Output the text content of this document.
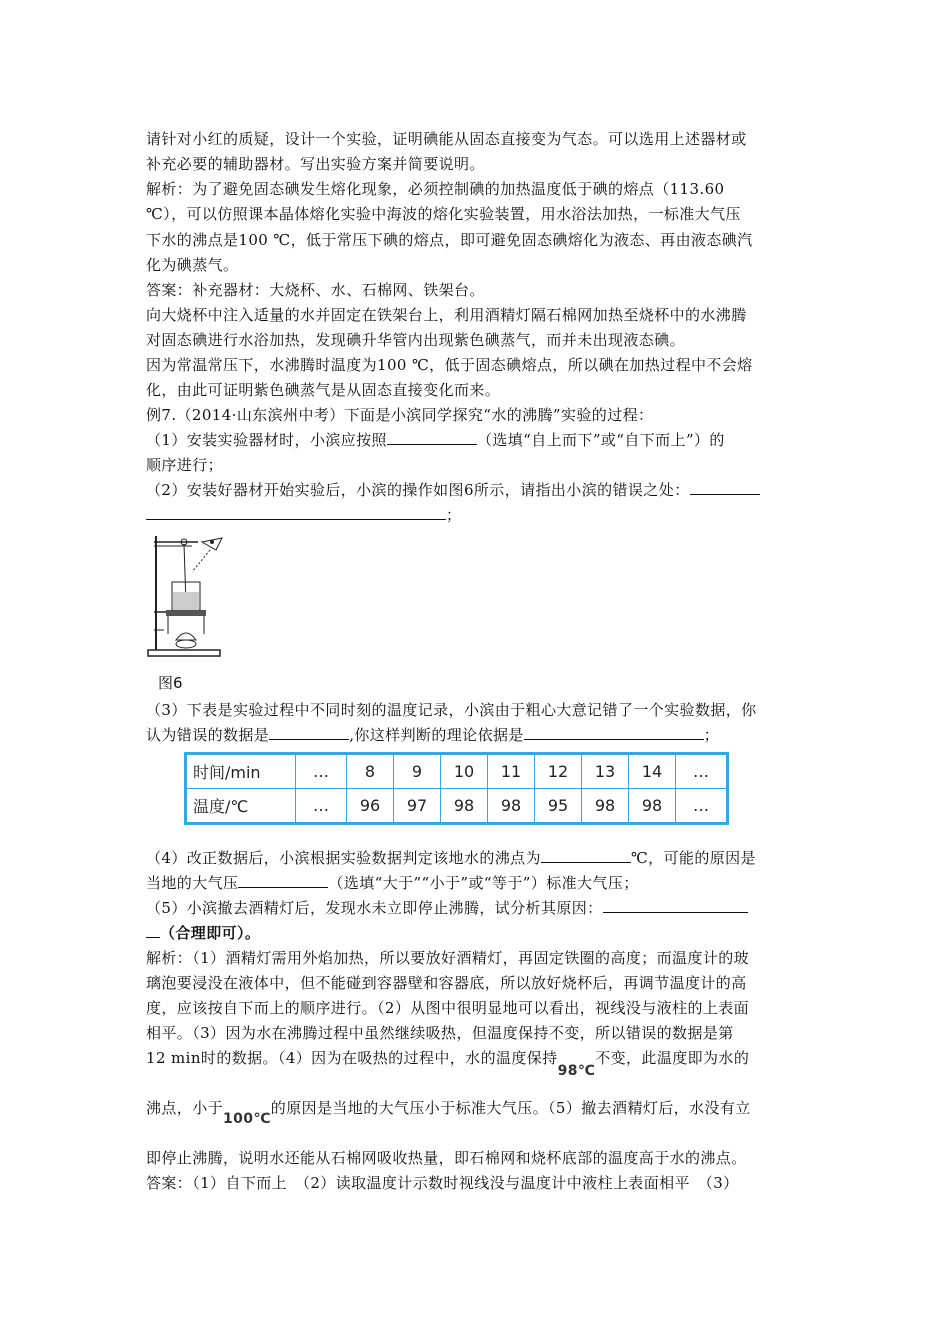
请针对小红的质疑，设计一个实验，证明碘能从固态直接变为气态。可以选用上述器材或
补充必要的辅助器材。写出实验方案并简要说明。
解析：为了避免固态碘发生熔化现象，必须控制碘的加热温度低于碘的熔点（113.60
℃），可以仿照课本晶体熔化实验中海波的熔化实验装置，用水浴法加热，一标准大气压
下水的沸点是100 ℃，低于常压下碘的熔点，即可避免固态碘熔化为液态、再由液态碘汽
化为碘蒸气。
答案：补充器材：大烧杯、水、石棉网、铁架台。
向大烧杯中注入适量的水并固定在铁架台上，利用酒精灯隔石棉网加热至烧杯中的水沸腾
对固态碘进行水浴加热，发现碘升华管内出现紫色碘蒸气，而并未出现液态碘。
因为常温常压下，水沸腾时温度为100 ℃，低于固态碘熔点，所以碘在加热过程中不会熔
化，由此可证明紫色碘蒸气是从固态直接变化而来。
例7.（2014·山东滨州中考）下面是小滨同学探究“水的沸腾”实验的过程：
（1）安装实验器材时，小滨应按照	（选填“自上而下”或“自下而上”）的
顺序进行；
（2）安装好器材开始实验后，小滨的操作如图6所示，请指出小滨的错误之处：
；
图6
（3）下表是实验过程中不同时刻的温度记录，小滨由于粗心大意记错了一个实验数据，你
认为错误的数据是	,你这样判断的理论依据是	；
时间/min	…	8	9	10	11	12	13	14	…
温度/℃	…	96	97	98	98	95	98	98	…
（4）改正数据后，小滨根据实验数据判定该地水的沸点为	℃，可能的原因是
当地的大气压	（选填“大于”“小于”或“等于”）标准大气压；
（5）小滨撤去酒精灯后，发现水未立即停止沸腾，试分析其原因：
（合理即可）。
解析：（1）酒精灯需用外焰加热，所以要放好酒精灯，再固定铁圈的高度；而温度计的玻
璃泡要浸没在液体中，但不能碰到容器壁和容器底，所以放好烧杯后，再调节温度计的高
度，应该按自下而上的顺序进行。（2）从图中很明显地可以看出，视线没与液柱的上表面
相平。（3）因为水在沸腾过程中虽然继续吸热，但温度保持不变，所以错误的数据是第
12 min时的数据。（4）因为在吸热的过程中，水的温度保持98℃不变，此温度即为水的
沸点，小于100℃的原因是当地的大气压小于标准大气压。（5）撤去酒精灯后，水没有立
即停止沸腾，说明水还能从石棉网吸收热量，即石棉网和烧杯底部的温度高于水的沸点。
答案：（1）自下而上　（2）读取温度计示数时视线没与温度计中液柱上表面相平　（3）
